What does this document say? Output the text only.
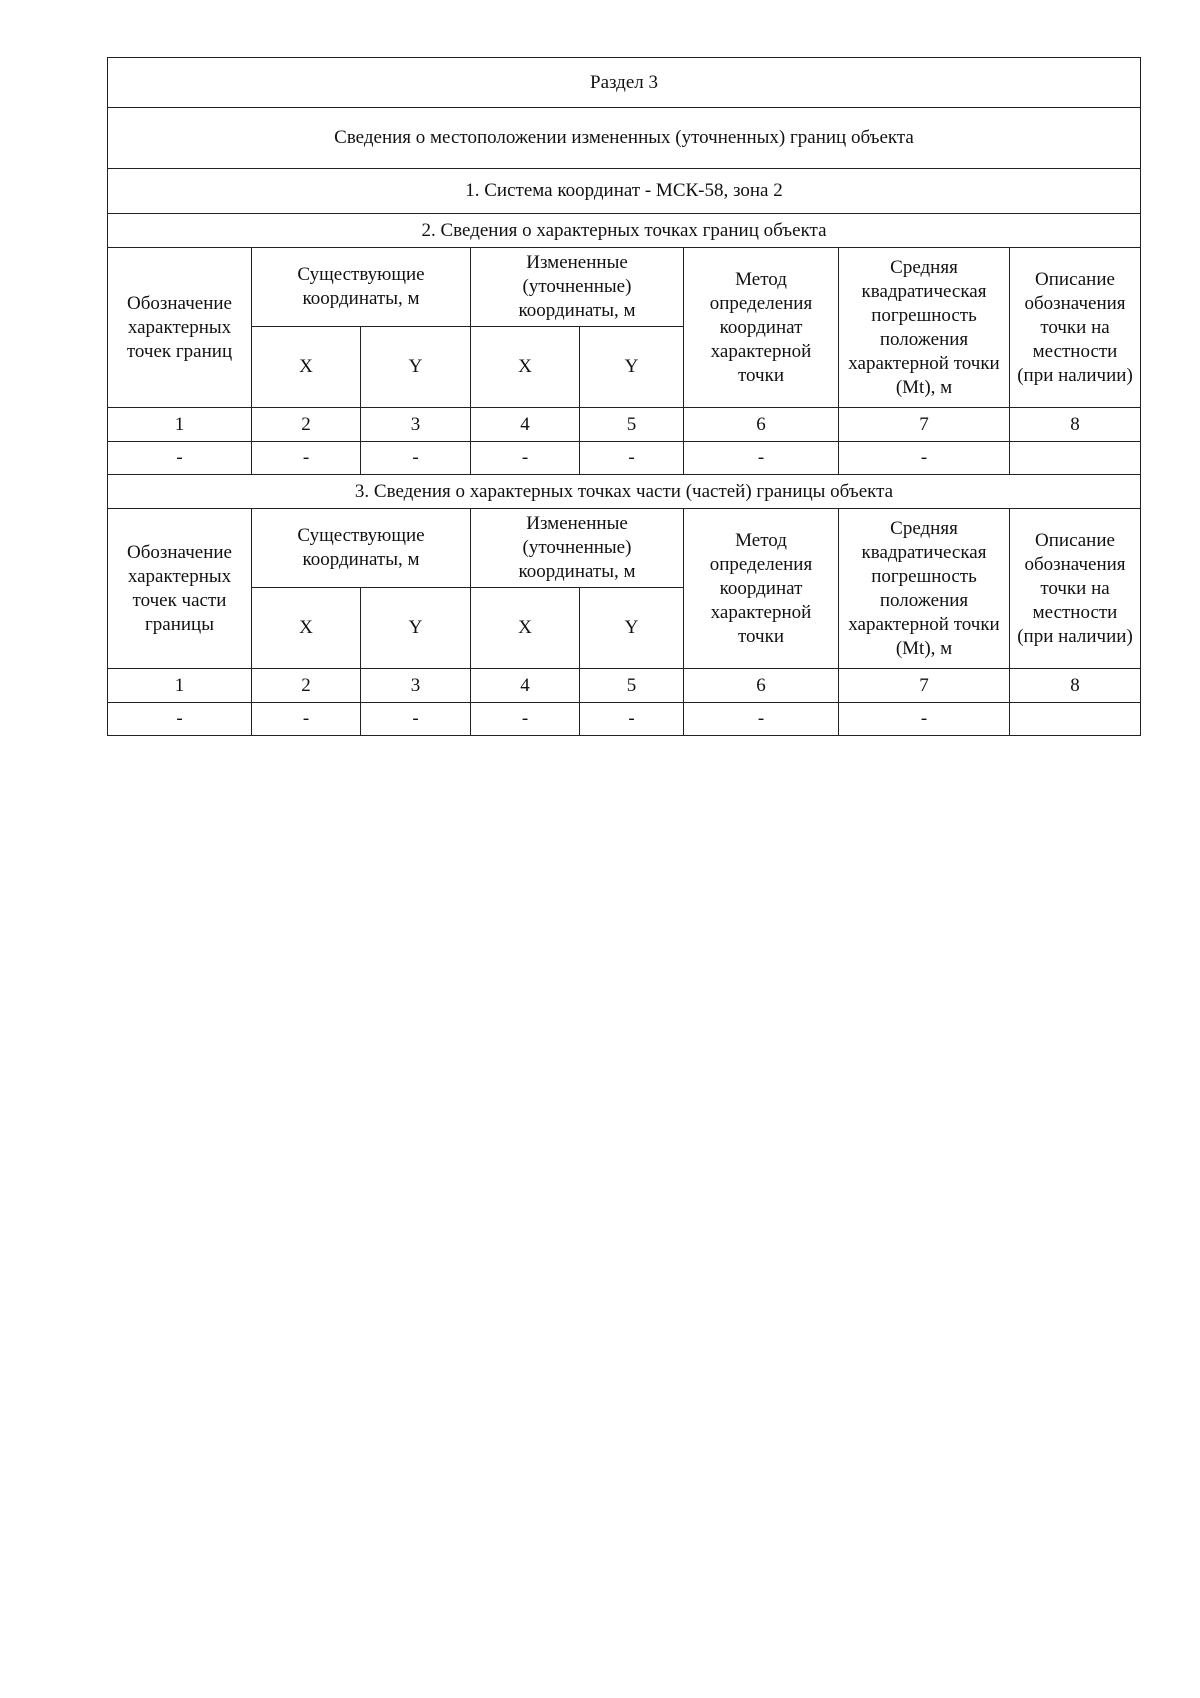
Раздел 3							
Сведения о местоположении измененных (уточненных) границ объекта							
1. Система координат - МСК-58, зона 2							
2. Сведения о характерных точках границ объекта							
Обозначение характерных точек границ	Существующие координаты, м		Измененные (уточненные) координаты, м		Метод определения координат характерной точки	Средняя квадратическая погрешность положения характерной точки (Mt), м	Описание обозначения точки на местности (при наличии)
	X	Y	X	Y			
1	2	3	4	5	6	7	8
-	-	-	-	-	-	-	
3. Сведения о характерных точках части (частей) границы объекта							
Обозначение характерных точек части границы	Существующие координаты, м		Измененные (уточненные) координаты, м		Метод определения координат характерной точки	Средняя квадратическая погрешность положения характерной точки (Mt), м	Описание обозначения точки на местности (при наличии)
	X	Y	X	Y			
1	2	3	4	5	6	7	8
-	-	-	-	-	-	-	
